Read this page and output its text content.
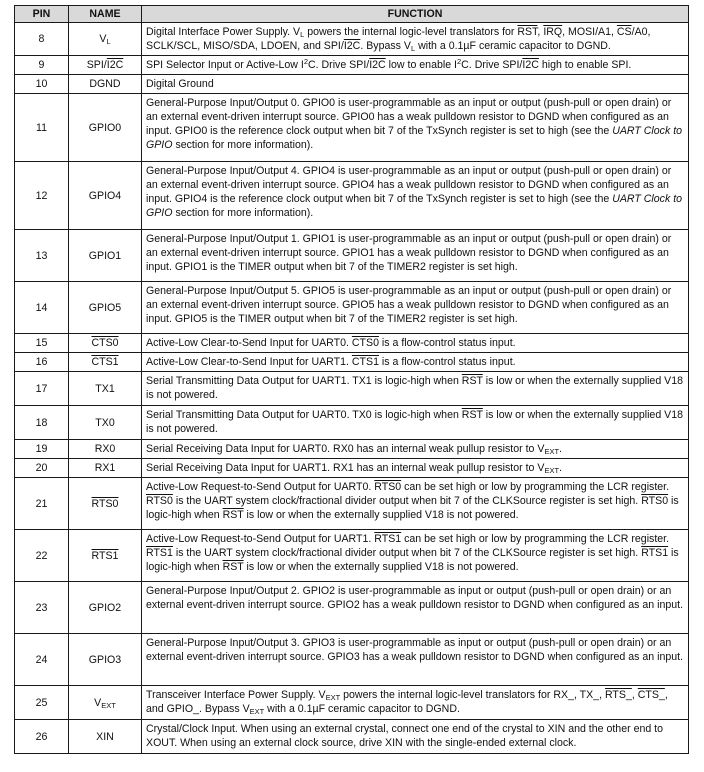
PIN	NAME	FUNCTION
8	$V_L$	Digital Interface Power Supply. $V_L$ powers the internal logic-level translators for $\overline{RST}$, $\overline{IRQ}$, MOSI/A1, $\overline{CS}/A0$, SCLK/SCL, MISO/SDA, LDOEN, and SPI/I2C. Bypass $V_L$ with a 0.1µF ceramic capacitor to DGND.
9	SPI/I2C	SPI Selector Input or Active-Low $I^2C$. Drive SPI/I2C low to enable $I^2C$. Drive SPI/I2C high to enable SPI.
10	DGND	Digital Ground
11	GPIO0	General-Purpose Input/Output 0. GPIO0 is user-programmable as an input or output (push-pull or open drain) or an external event-driven interrupt source. GPIO0 has a weak pulldown resistor to DGND when configured as an input. GPIO0 is the reference clock output when bit 7 of the TxSynch register is set to high (see the UART Clock to GPIO section for more information).
12	GPIO4	General-Purpose Input/Output 4. GPIO4 is user-programmable as an input or output (push-pull or open drain) or an external event-driven interrupt source. GPIO4 has a weak pulldown resistor to DGND when configured as an input. GPIO4 is the reference clock output when bit 7 of the TxSynch register is set to high (see the UART Clock to GPIO section for more information).
13	GPIO1	General-Purpose Input/Output 1. GPIO1 is user-programmable as an input or output (push-pull or open drain) or an external event-driven interrupt source. GPIO1 has a weak pulldown resistor to DGND when configured as an input. GPIO1 is the TIMER output when bit 7 of the TIMER2 register is set high.
14	GPIO5	General-Purpose Input/Output 5. GPIO5 is user-programmable as an input or output (push-pull or open drain) or an external event-driven interrupt source. GPIO5 has a weak pulldown resistor to DGND when configured as an input. GPIO5 is the TIMER output when bit 7 of the TIMER2 register is set high.
15	CTS0	Active-Low Clear-to-Send Input for UART0. CTS0 is a flow-control status input.
16	CTS1	Active-Low Clear-to-Send Input for UART1. CTS1 is a flow-control status input.
17	TX1	Serial Transmitting Data Output for UART1. TX1 is logic-high when $\overline{RST}$ is low or when the externally supplied V18 is not powered.
18	TX0	Serial Transmitting Data Output for UART0. TX0 is logic-high when $\overline{RST}$ is low or when the externally supplied V18 is not powered.
19	RX0	Serial Receiving Data Input for UART0. RX0 has an internal weak pullup resistor to $V_{EXT}$.
20	RX1	Serial Receiving Data Input for UART1. RX1 has an internal weak pullup resistor to $V_{EXT}$.
21	RTS0	Active-Low Request-to-Send Output for UART0. RTS0 can be set high or low by programming the LCR register. RTS0 is the UART system clock/fractional divider output when bit 7 of the CLKSource register is set high. RTS0 is logic-high when $\overline{RST}$ is low or when the externally supplied V18 is not powered.
22	RTS1	Active-Low Request-to-Send Output for UART1. RTS1 can be set high or low by programming the LCR register. RTS1 is the UART system clock/fractional divider output when bit 7 of the CLKSource register is set high. RTS1 is logic-high when $\overline{RST}$ is low or when the externally supplied V18 is not powered.
23	GPIO2	General-Purpose Input/Output 2. GPIO2 is user-programmable as input or output (push-pull or open drain) or an external event-driven interrupt source. GPIO2 has a weak pulldown resistor to DGND when configured as an input.
24	GPIO3	General-Purpose Input/Output 3. GPIO3 is user-programmable as input or output (push-pull or open drain) or an external event-driven interrupt source. GPIO3 has a weak pulldown resistor to DGND when configured as an input.
25	$V_{EXT}$	Transceiver Interface Power Supply. $V_{EXT}$ powers the internal logic-level translators for RX_, TX_, RTS_, CTS_, and GPIO_. Bypass $V_{EXT}$ with a 0.1µF ceramic capacitor to DGND.
26	XIN	Crystal/Clock Input. When using an external crystal, connect one end of the crystal to XIN and the other end to XOUT. When using an external clock source, drive XIN with the single-ended external clock.
